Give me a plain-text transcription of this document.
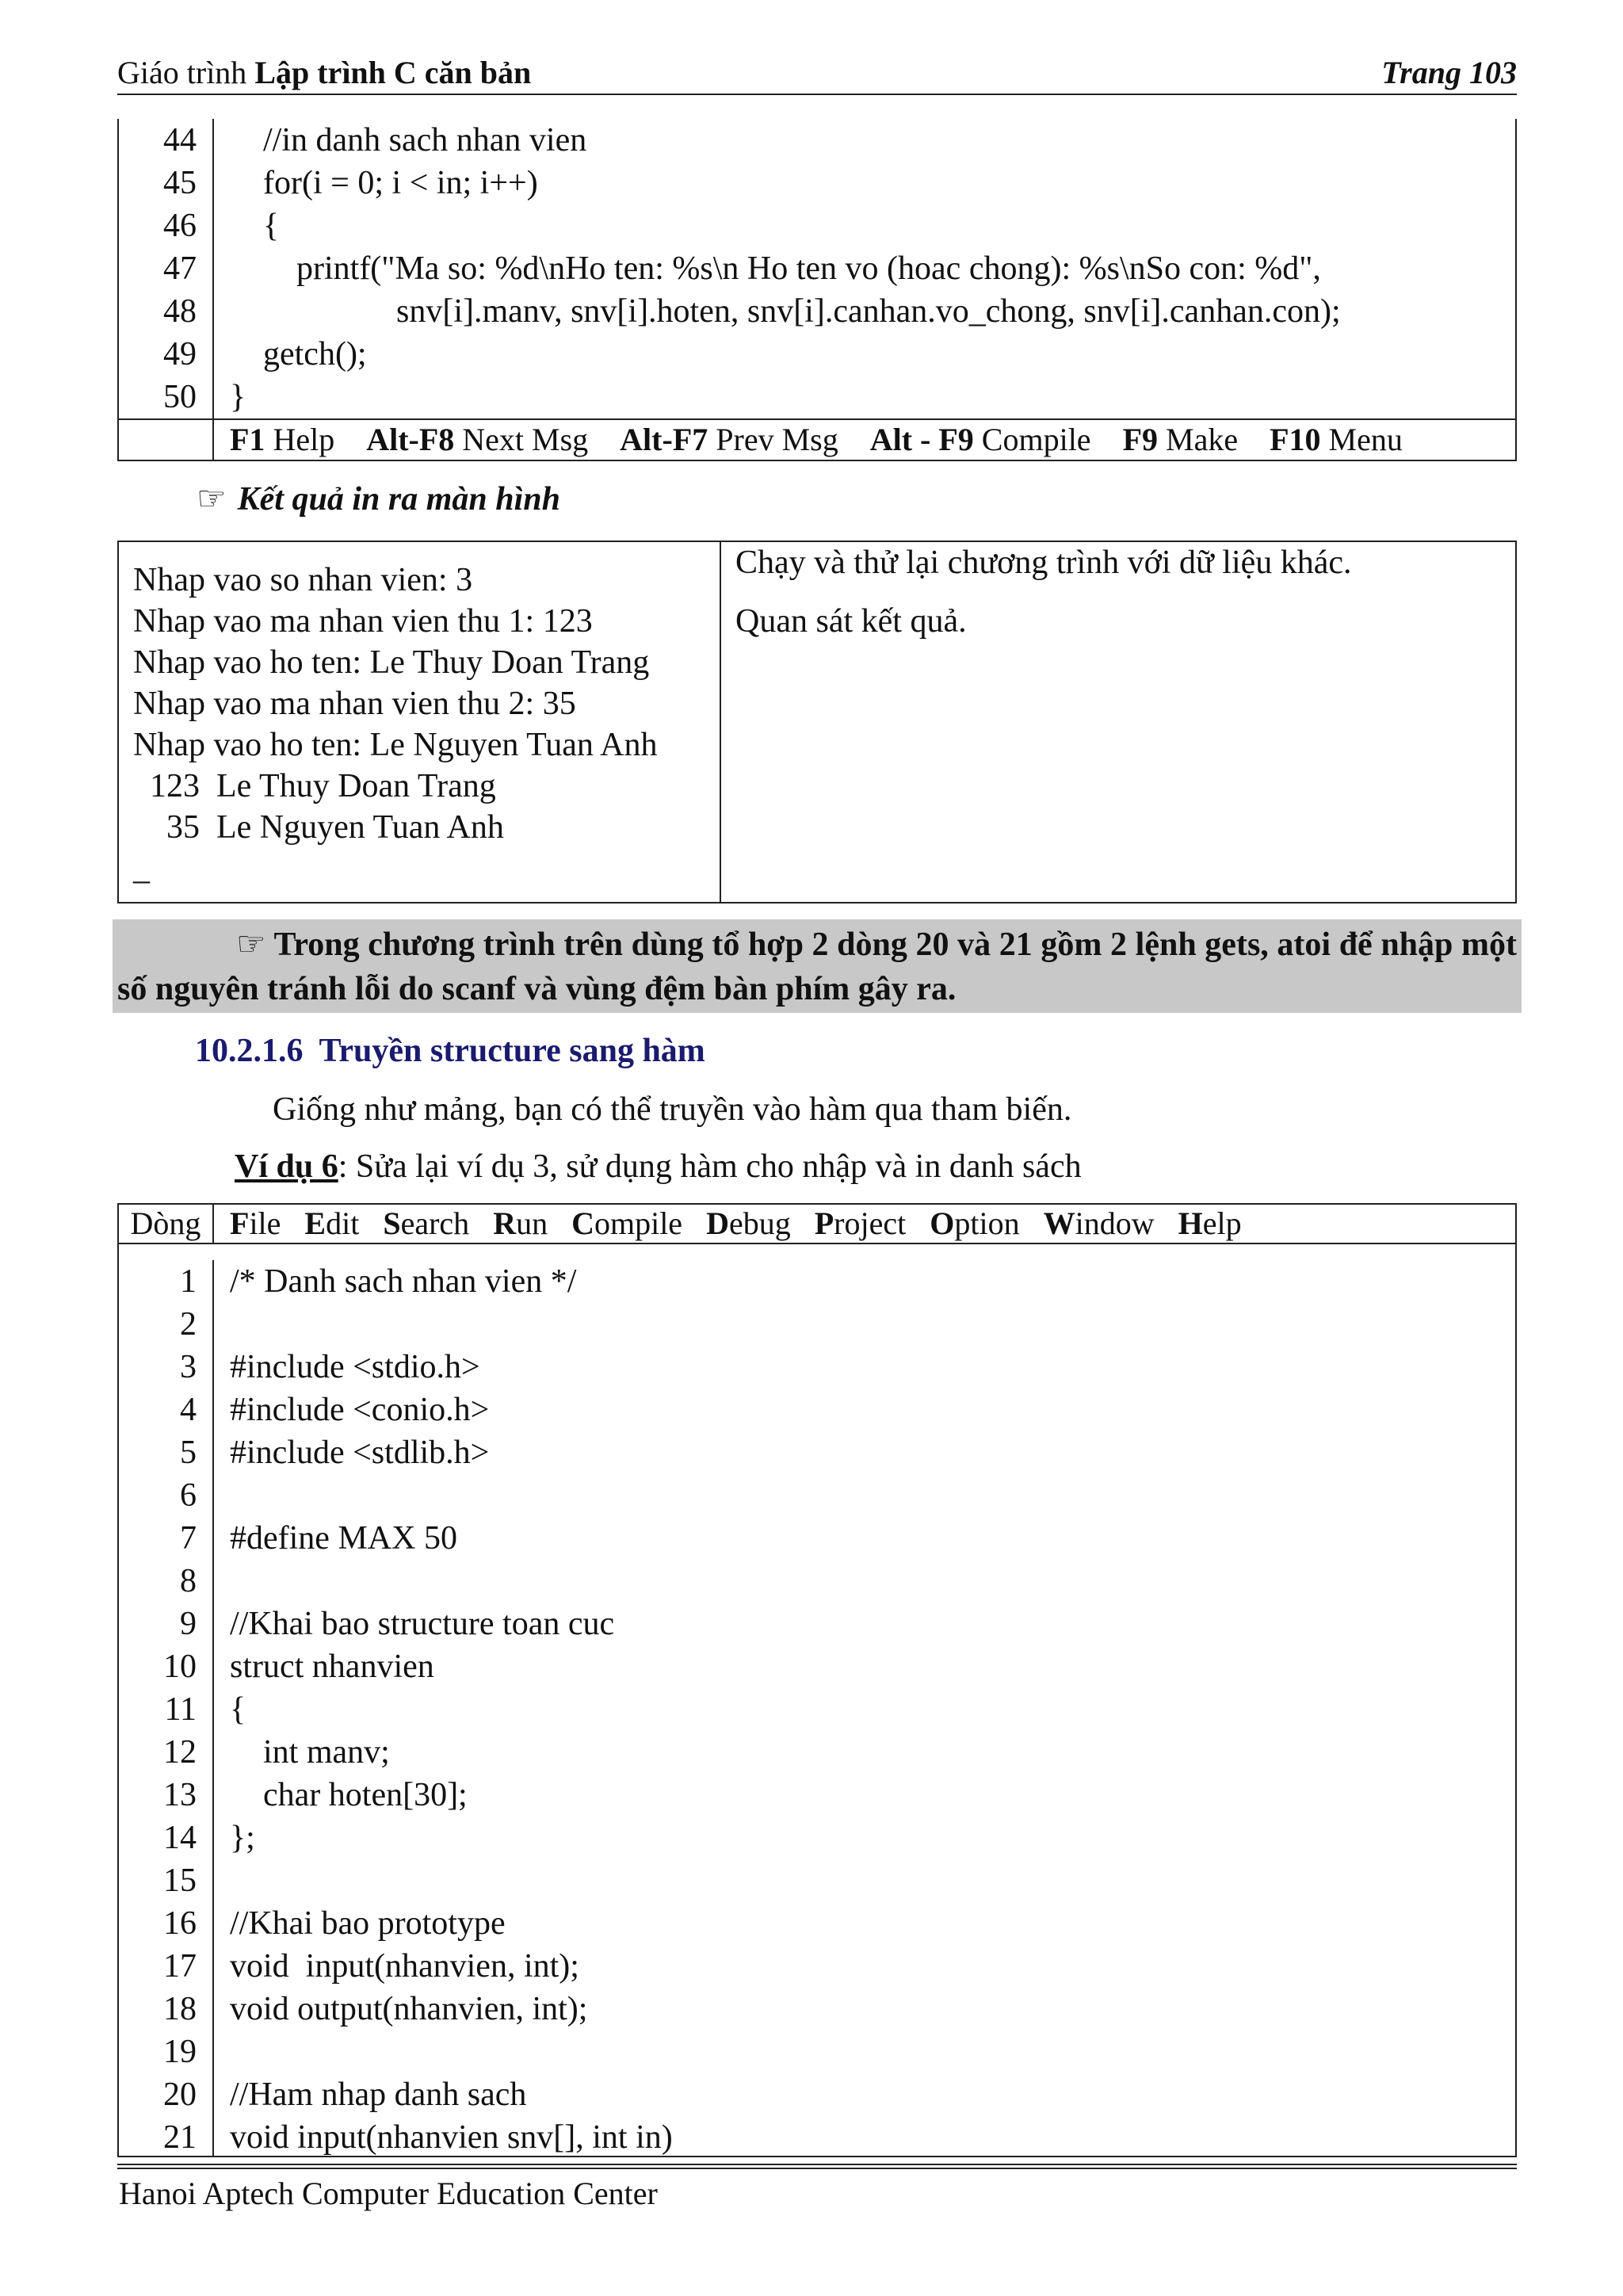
Giáo trình Lập trình C căn bản	Trang 103
44	//in danh sach nhan vien
45	for(i = 0; i < in; i++)
46	{
47	printf("Ma so: %d\nHo ten: %s\n Ho ten vo (hoac chong): %s\nSo con: %d",
48	snv[i].manv, snv[i].hoten, snv[i].canhan.vo_chong, snv[i].canhan.con);
49	getch();
50	}
F1 Help    Alt-F8 Next Msg    Alt-F7 Prev Msg    Alt - F9 Compile    F9 Make    F10 Menu
☞ Kết quả in ra màn hình
Nhap vao so nhan vien: 3
Nhap vao ma nhan vien thu 1: 123
Nhap vao ho ten: Le Thuy Doan Trang
Nhap vao ma nhan vien thu 2: 35
Nhap vao ho ten: Le Nguyen Tuan Anh
123  Le Thuy Doan Trang
35  Le Nguyen Tuan Anh
_

Chạy và thử lại chương trình với dữ liệu khác.

Quan sát kết quả.

☞ Trong chương trình trên dùng tổ hợp 2 dòng 20 và 21 gồm 2 lệnh gets, atoi để nhập một số nguyên tránh lỗi do scanf và vùng đệm bàn phím gây ra.
10.2.1.6 Truyền structure sang hàm
Giống như mảng, bạn có thể truyền vào hàm qua tham biến.
Ví dụ 6: Sửa lại ví dụ 3, sử dụng hàm cho nhập và in danh sách
Dòng File Edit Search Run Compile Debug Project Option Window Help
1	/* Danh sach nhan vien */
2
3	#include <stdio.h>
4	#include <conio.h>
5	#include <stdlib.h>
6
7	#define MAX 50
8
9	//Khai bao structure toan cuc
10	struct nhanvien
11	{
12	int manv;
13	char hoten[30];
14	};
15
16	//Khai bao prototype
17	void  input(nhanvien, int);
18	void output(nhanvien, int);
19
20	//Ham nhap danh sach
21	void input(nhanvien snv[], int in)
Hanoi Aptech Computer Education Center
